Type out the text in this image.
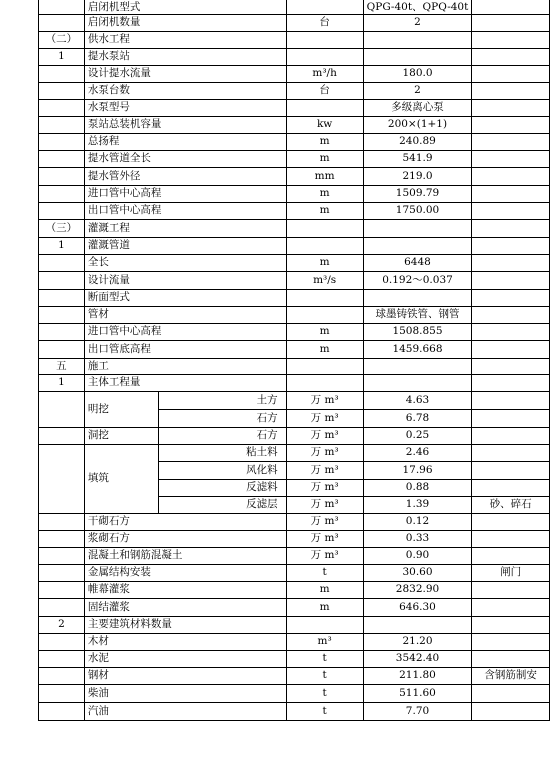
	启闭机型式			QPG-40t、QPQ-40t	
	启闭机数量		台	2	
（二）	供水工程				
1	提水泵站				
	设计提水流量		m³/h	180.0	
	水泵台数		台	2	
	水泵型号			多级离心泵	
	泵站总装机容量		kw	200×(1+1)	
	总扬程		m	240.89	
	提水管道全长		m	541.9	
	提水管外径		mm	219.0	
	进口管中心高程		m	1509.79	
	出口管中心高程		m	1750.00	
（三）	灌溉工程				
1	灌溉管道				
	全长		m	6448	
	设计流量		m³/s	0.192～0.037	
	断面型式				
	管材			球墨铸铁管、钢管	
	进口管中心高程		m	1508.855	
	出口管底高程		m	1459.668	
五	施工				
1	主体工程量				
	明挖	土方	万 m³	4.63	
		石方	万 m³	6.78	
	洞挖	石方	万 m³	0.25	
	填筑	粘土料	万 m³	2.46	
		风化料	万 m³	17.96	
		反滤料	万 m³	0.88	
		反滤层	万 m³	1.39	砂、碎石
	干砌石方		万 m³	0.12	
	浆砌石方		万 m³	0.33	
	混凝土和钢筋混凝土		万 m³	0.90	
	金属结构安装		t	30.60	闸门
	帷幕灌浆		m	2832.90	
	固结灌浆		m	646.30	
2	主要建筑材料数量				
	木材		m³	21.20	
	水泥		t	3542.40	
	钢材		t	211.80	含钢筋制安
	柴油		t	511.60	
	汽油		t	7.70	
